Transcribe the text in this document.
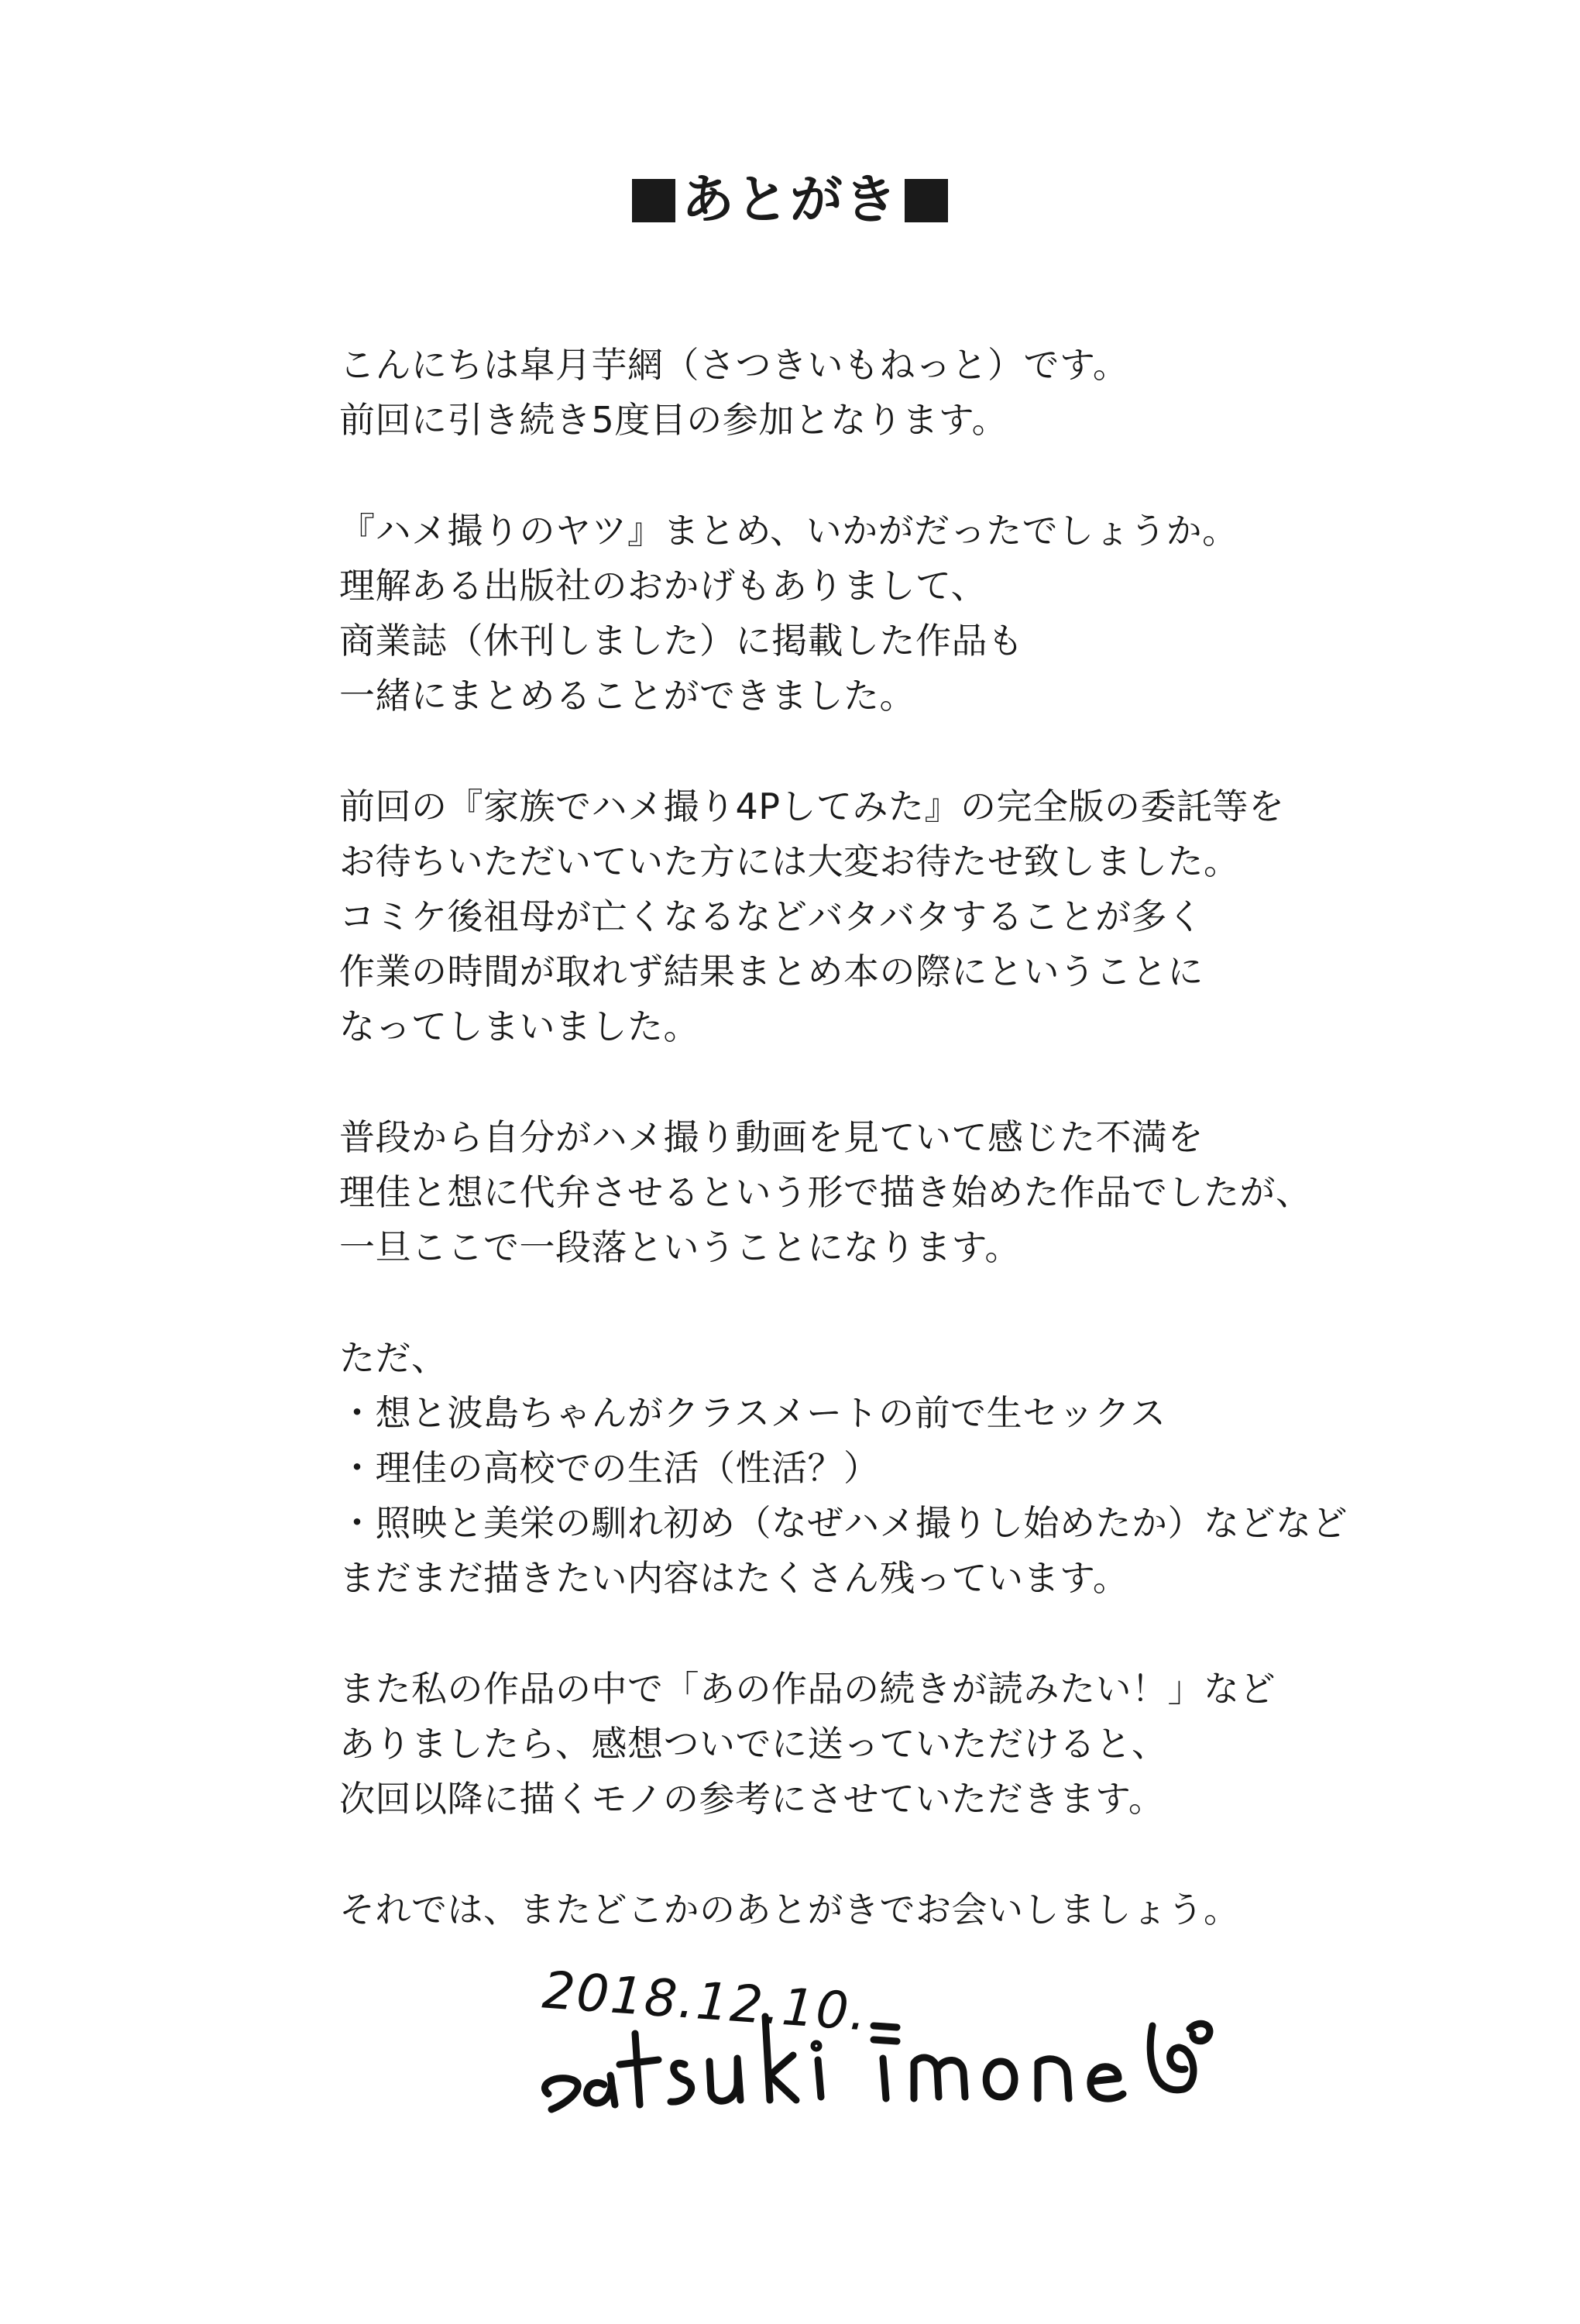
あとがき

こんにちは皐月芋網（さつきいもねっと）です。

前回に引き続き5度目の参加となります。

『ハメ撮りのヤツ』まとめ、いかがだったでしょうか。

理解ある出版社のおかげもありまして、

商業誌（休刊しました）に掲載した作品も

一緒にまとめることができました。

前回の『家族でハメ撮り4Pしてみた』の完全版の委託等を

お待ちいただいていた方には大変お待たせ致しました。

コミケ後祖母が亡くなるなどバタバタすることが多く

作業の時間が取れず結果まとめ本の際にということに

なってしまいました。

普段から自分がハメ撮り動画を見ていて感じた不満を

理佳と想に代弁させるという形で描き始めた作品でしたが、

一旦ここで一段落ということになります。

ただ、

・想と波島ちゃんがクラスメートの前で生セックス

・理佳の高校での生活（性活？）

・照映と美栄の馴れ初め（なぜハメ撮りし始めたか）などなど

まだまだ描きたい内容はたくさん残っています。

また私の作品の中で「あの作品の続きが読みたい！」など

ありましたら、感想ついでに送っていただけると、

次回以降に描くモノの参考にさせていただきます。

それでは、またどこかのあとがきでお会いしましょう。

2018.12.10.
